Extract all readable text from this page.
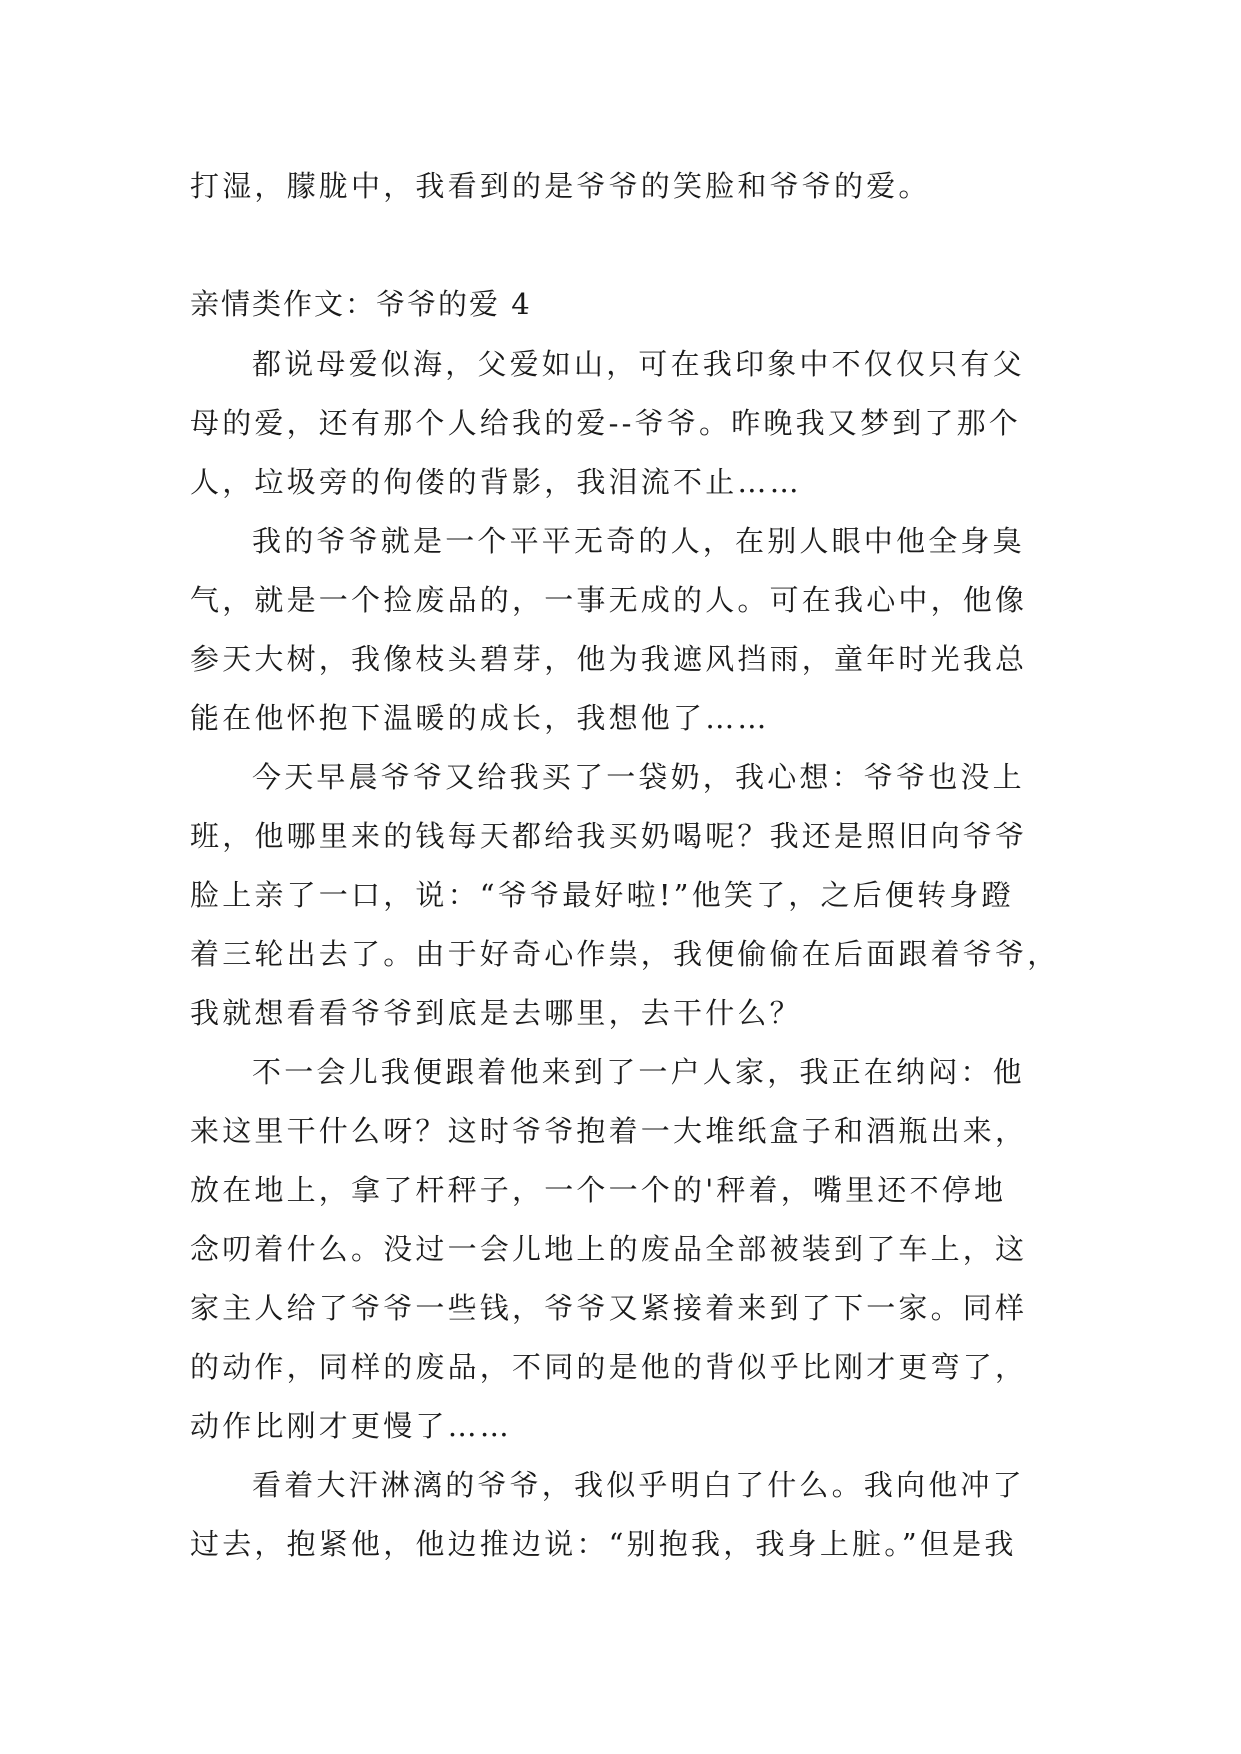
打湿，朦胧中，我看到的是爷爷的笑脸和爷爷的爱。
亲情类作文：爷爷的爱 4
都说母爱似海，父爱如山，可在我印象中不仅仅只有父
母的爱，还有那个人给我的爱--爷爷。昨晚我又梦到了那个
人，垃圾旁的佝偻的背影，我泪流不止……
我的爷爷就是一个平平无奇的人，在别人眼中他全身臭
气，就是一个捡废品的，一事无成的人。可在我心中，他像
参天大树，我像枝头碧芽，他为我遮风挡雨，童年时光我总
能在他怀抱下温暖的成长，我想他了……
今天早晨爷爷又给我买了一袋奶，我心想：爷爷也没上
班，他哪里来的钱每天都给我买奶喝呢？我还是照旧向爷爷
脸上亲了一口，说：“爷爷最好啦!”他笑了，之后便转身蹬
着三轮出去了。由于好奇心作祟，我便偷偷在后面跟着爷爷，
我就想看看爷爷到底是去哪里，去干什么？
不一会儿我便跟着他来到了一户人家，我正在纳闷：他
来这里干什么呀？这时爷爷抱着一大堆纸盒子和酒瓶出来，
放在地上，拿了杆秤子，一个一个的'秤着，嘴里还不停地
念叨着什么。没过一会儿地上的废品全部被装到了车上，这
家主人给了爷爷一些钱，爷爷又紧接着来到了下一家。同样
的动作，同样的废品，不同的是他的背似乎比刚才更弯了，
动作比刚才更慢了……
看着大汗淋漓的爷爷，我似乎明白了什么。我向他冲了
过去，抱紧他，他边推边说：“别抱我，我身上脏。”但是我
